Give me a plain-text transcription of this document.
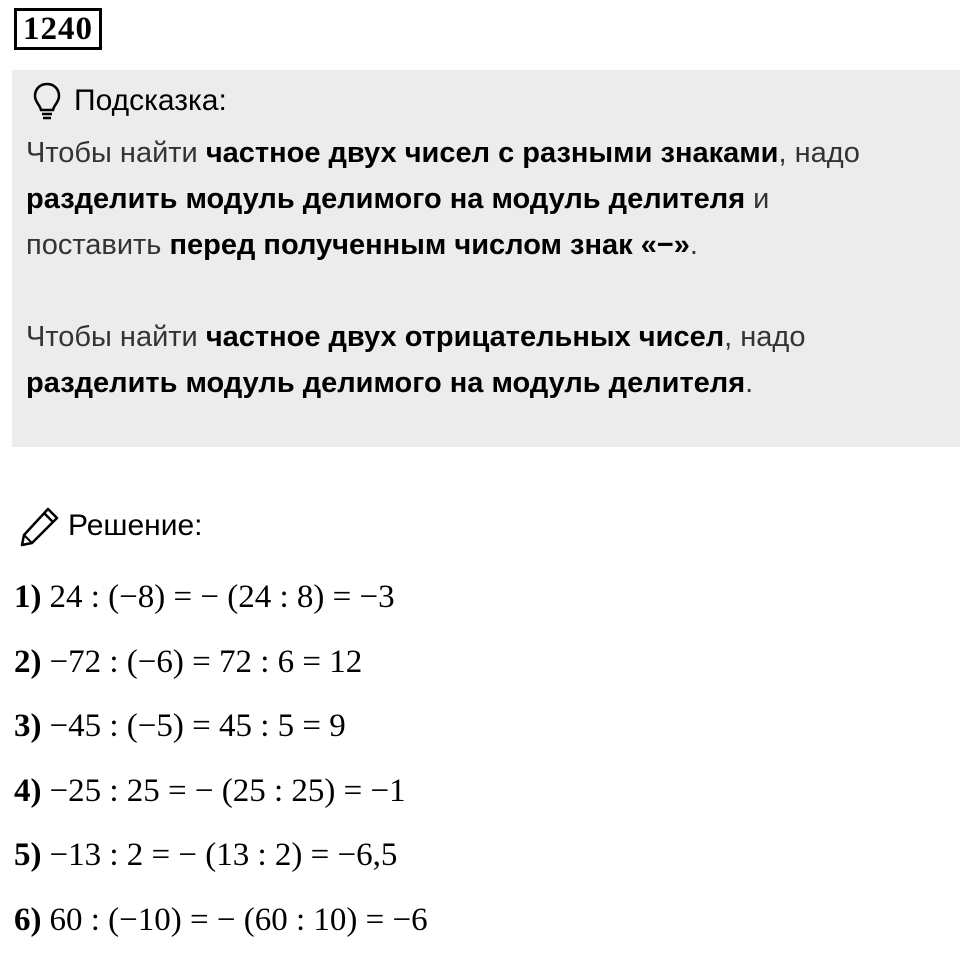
1240
Подсказка:
Чтобы найти частное двух чисел с разными знаками, надо
разделить модуль делимого на модуль делителя и
поставить перед полученным числом знак «−».
Чтобы найти частное двух отрицательных чисел, надо
разделить модуль делимого на модуль делителя.
Решение:
1) 24 : (−8) = − (24 : 8) = −3
2) −72 : (−6) = 72 : 6 = 12
3) −45 : (−5) = 45 : 5 = 9
4) −25 : 25 = − (25 : 25) = −1
5) −13 : 2 = − (13 : 2) = −6,5
6) 60 : (−10) = − (60 : 10) = −6
